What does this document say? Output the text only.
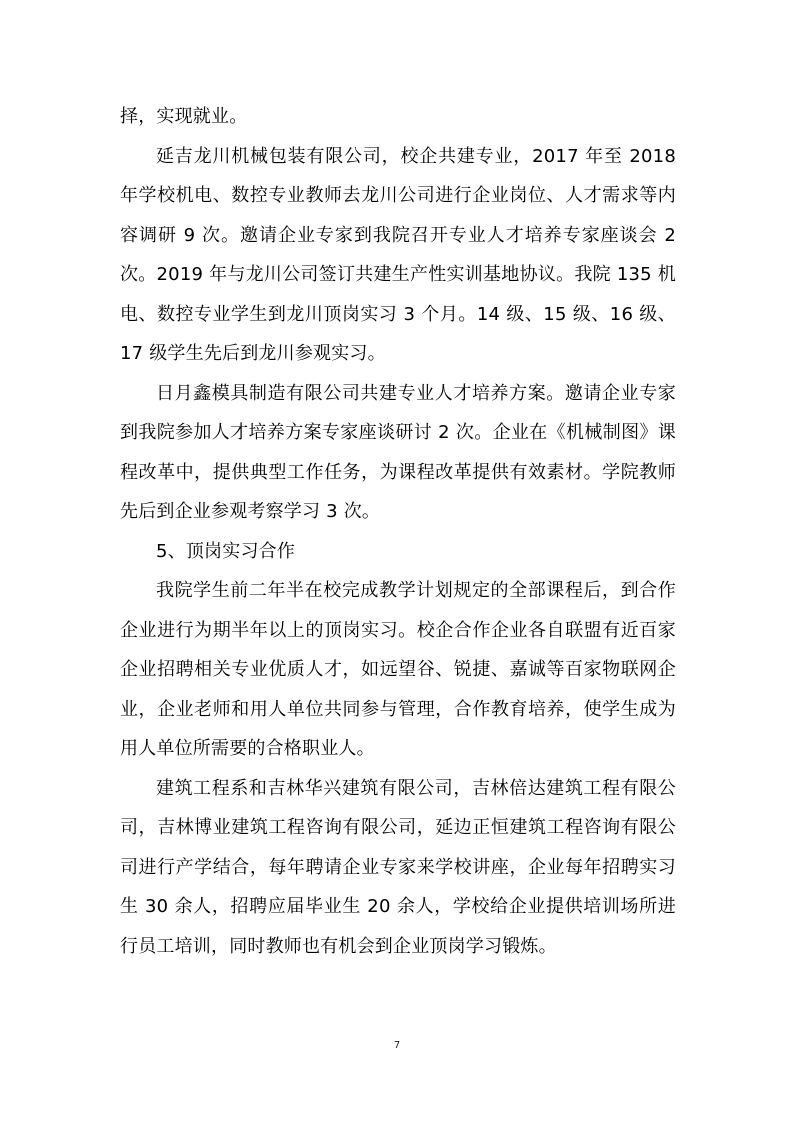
择，实现就业。

延吉龙川机械包装有限公司，校企共建专业，2017 年至 2018 年学校机电、数控专业教师去龙川公司进行企业岗位、人才需求等内容调研 9 次。邀请企业专家到我院召开专业人才培养专家座谈会 2 次。2019 年与龙川公司签订共建生产性实训基地协议。我院 135 机电、数控专业学生到龙川顶岗实习 3 个月。14 级、15 级、16 级、17 级学生先后到龙川参观实习。

日月鑫模具制造有限公司共建专业人才培养方案。邀请企业专家到我院参加人才培养方案专家座谈研讨 2 次。企业在《机械制图》课程改革中，提供典型工作任务，为课程改革提供有效素材。学院教师先后到企业参观考察学习 3 次。

5、顶岗实习合作

我院学生前二年半在校完成教学计划规定的全部课程后，到合作企业进行为期半年以上的顶岗实习。校企合作企业各自联盟有近百家企业招聘相关专业优质人才，如远望谷、锐捷、嘉诚等百家物联网企业，企业老师和用人单位共同参与管理，合作教育培养，使学生成为用人单位所需要的合格职业人。

建筑工程系和吉林华兴建筑有限公司，吉林倍达建筑工程有限公司，吉林博业建筑工程咨询有限公司，延边正恒建筑工程咨询有限公司进行产学结合，每年聘请企业专家来学校讲座，企业每年招聘实习生 30 余人，招聘应届毕业生 20 余人，学校给企业提供培训场所进行员工培训，同时教师也有机会到企业顶岗学习锻炼。

7
